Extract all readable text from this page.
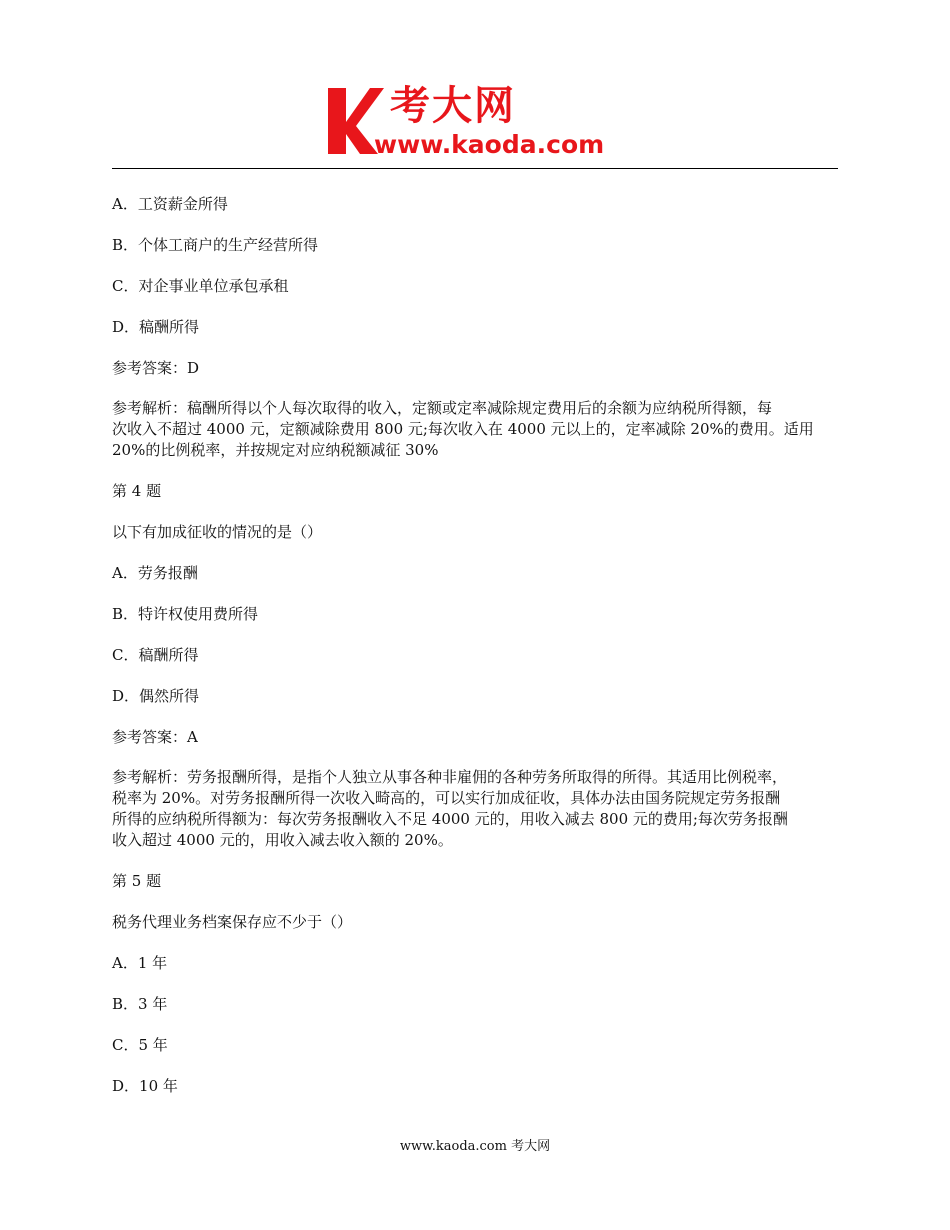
考大网
www.kaoda.com
A．工资薪金所得
B．个体工商户的生产经营所得
C．对企事业单位承包承租
D．稿酬所得
参考答案：D
参考解析：稿酬所得以个人每次取得的收入，定额或定率减除规定费用后的余额为应纳税所得额，每
次收入不超过 4000 元，定额减除费用 800 元;每次收入在 4000 元以上的，定率减除 20%的费用。适用
20%的比例税率，并按规定对应纳税额减征 30%
第 4 题
以下有加成征收的情况的是（）
A．劳务报酬
B．特许权使用费所得
C．稿酬所得
D．偶然所得
参考答案：A
参考解析：劳务报酬所得，是指个人独立从事各种非雇佣的各种劳务所取得的所得。其适用比例税率，
税率为 20%。对劳务报酬所得一次收入畸高的，可以实行加成征收，具体办法由国务院规定劳务报酬
所得的应纳税所得额为：每次劳务报酬收入不足 4000 元的，用收入减去 800 元的费用;每次劳务报酬
收入超过 4000 元的，用收入减去收入额的 20%。
第 5 题
税务代理业务档案保存应不少于（）
A．1 年
B．3 年
C．5 年
D．10 年
www.kaoda.com 考大网
